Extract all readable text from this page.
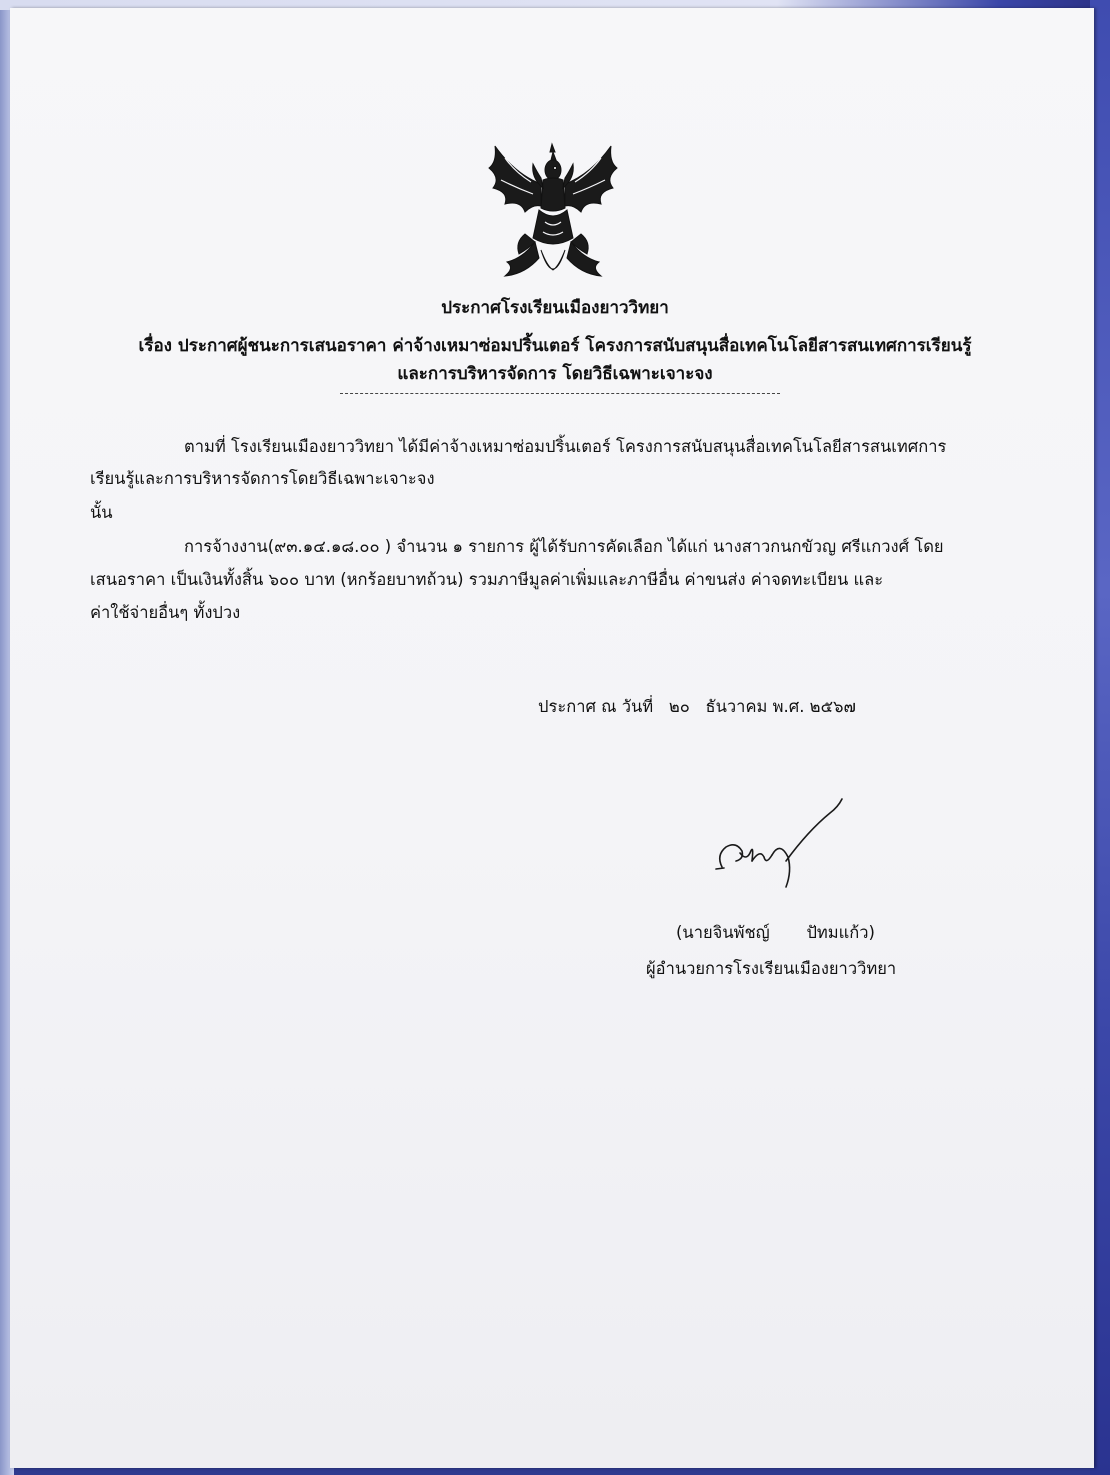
ประกาศโรงเรียนเมืองยาววิทยา
เรื่อง ประกาศผู้ชนะการเสนอราคา ค่าจ้างเหมาซ่อมปริ้นเตอร์ โครงการสนับสนุนสื่อเทคโนโลยีสารสนเทศการเรียนรู้
และการบริหารจัดการ โดยวิธีเฉพาะเจาะจง
ตามที่ โรงเรียนเมืองยาววิทยา ได้มีค่าจ้างเหมาซ่อมปริ้นเตอร์ โครงการสนับสนุนสื่อเทคโนโลยีสารสนเทศการ
เรียนรู้และการบริหารจัดการโดยวิธีเฉพาะเจาะจง
นั้น
การจ้างงาน(๙๓.๑๔.๑๘.๐๐ ) จำนวน ๑ รายการ ผู้ได้รับการคัดเลือก ได้แก่ นางสาวกนกขัวญ ศรีแกวงศ์ โดย
เสนอราคา เป็นเงินทั้งสิ้น ๖๐๐ บาท (หกร้อยบาทถ้วน) รวมภาษีมูลค่าเพิ่มและภาษีอื่น ค่าขนส่ง ค่าจดทะเบียน และ
ค่าใช้จ่ายอื่นๆ ทั้งปวง
ประกาศ ณ วันที่   ๒๐   ธันวาคม พ.ศ. ๒๕๖๗
(นายจินพัชญ์       ปัทมแก้ว)
ผู้อำนวยการโรงเรียนเมืองยาววิทยา
